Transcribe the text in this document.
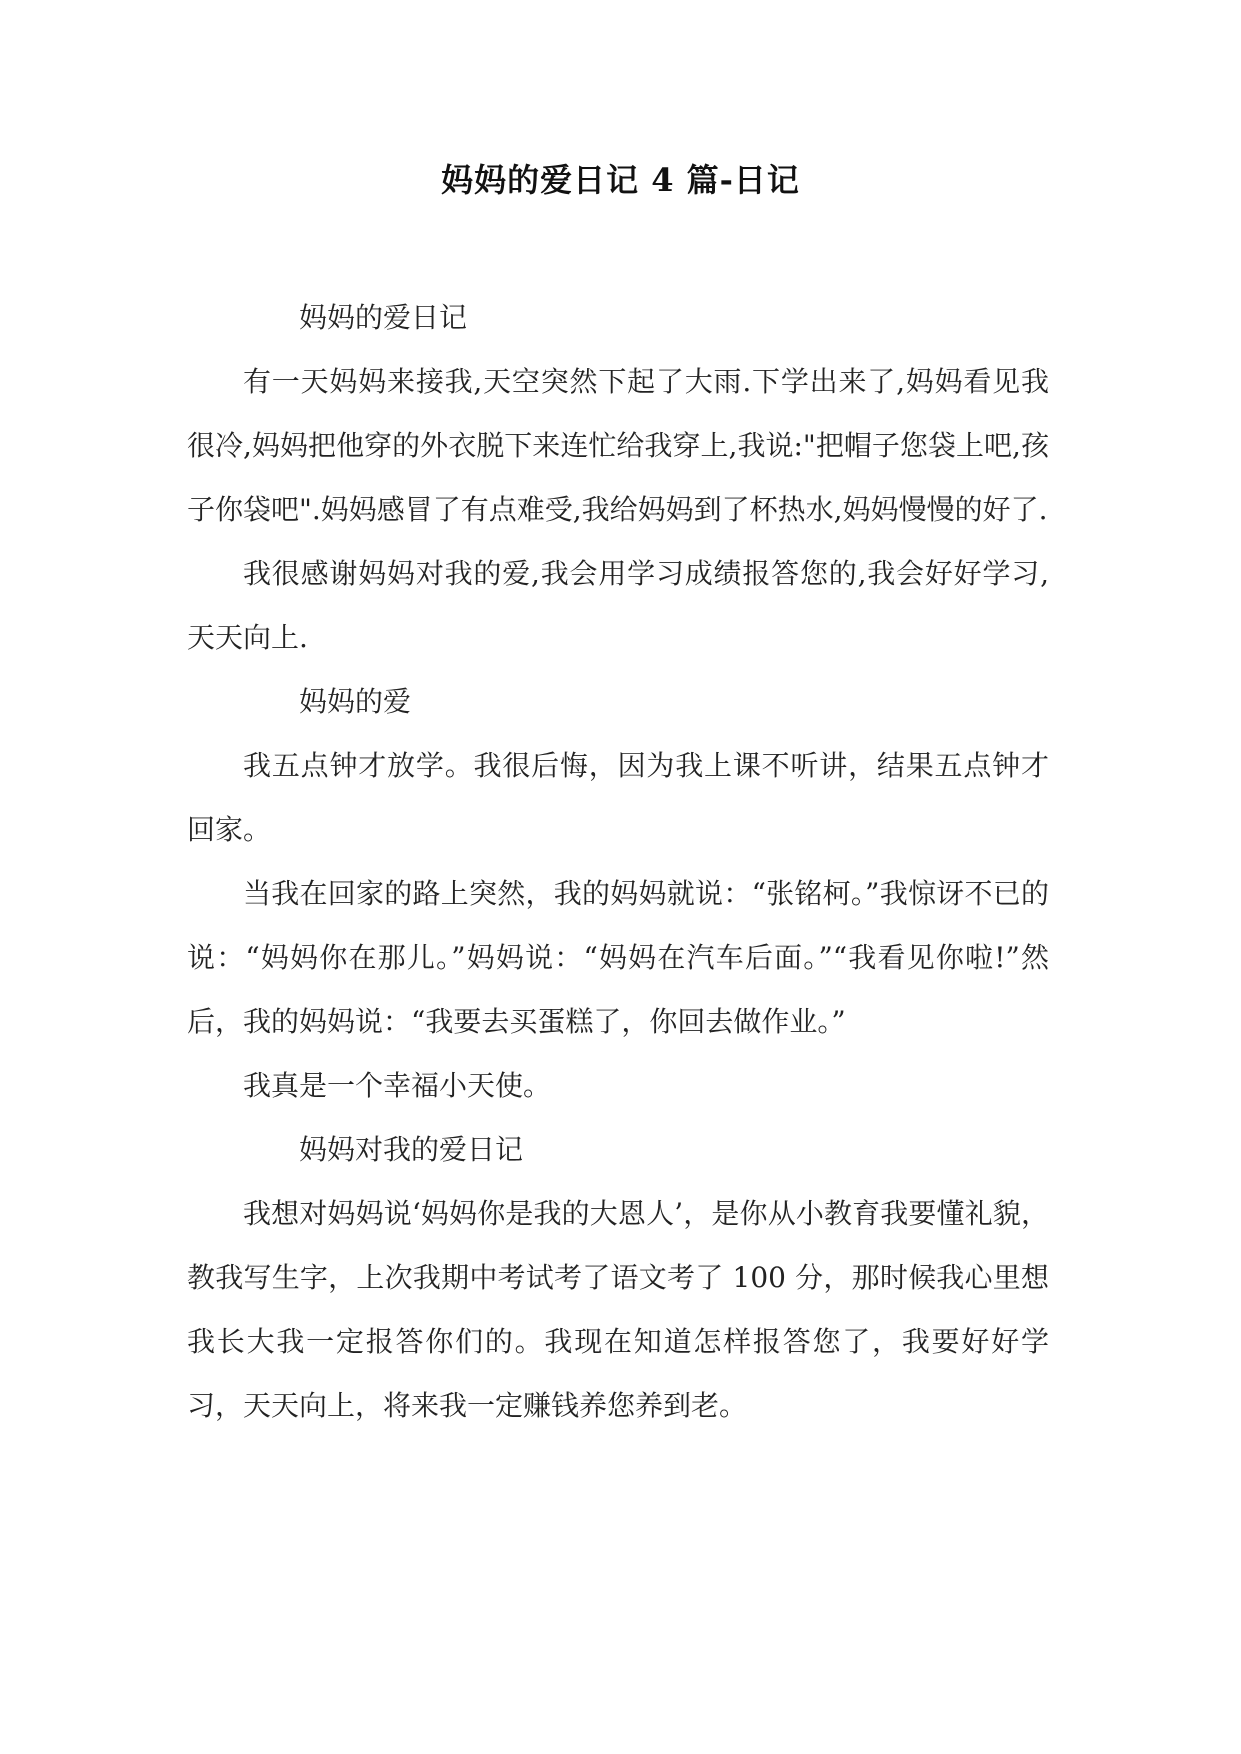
妈妈的爱日记 4 篇-日记

妈妈的爱日记

有一天妈妈来接我,天空突然下起了大雨.下学出来了,妈妈看见我很冷,妈妈把他穿的外衣脱下来连忙给我穿上,我说:"把帽子您袋上吧,孩子你袋吧".妈妈感冒了有点难受,我给妈妈到了杯热水,妈妈慢慢的好了.

我很感谢妈妈对我的爱,我会用学习成绩报答您的,我会好好学习,天天向上.

妈妈的爱

我五点钟才放学。我很后悔，因为我上课不听讲，结果五点钟才回家。

当我在回家的路上突然，我的妈妈就说：“张铭柯。”我惊讶不已的说：“妈妈你在那儿。”妈妈说：“妈妈在汽车后面。”“我看见你啦!”然后，我的妈妈说：“我要去买蛋糕了，你回去做作业。”

我真是一个幸福小天使。

妈妈对我的爱日记

我想对妈妈说‘妈妈你是我的大恩人’，是你从小教育我要懂礼貌，教我写生字，上次我期中考试考了语文考了 100 分，那时候我心里想我长大我一定报答你们的。我现在知道怎样报答您了，我要好好学习，天天向上，将来我一定赚钱养您养到老。
